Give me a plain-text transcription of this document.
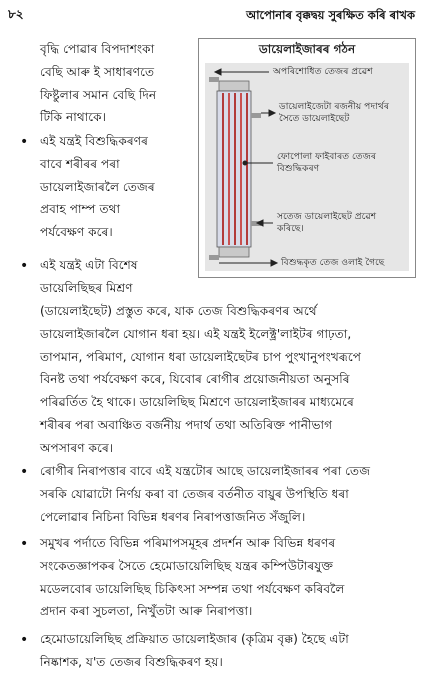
৮২	আপোনাৰ বৃক্কদ্বয় সুৰক্ষিত কৰি ৰাখক
বৃদ্ধি পোৱাৰ বিপদাশংকা
বেছি আৰু ই সাধাৰণতে
ফিষ্টুলাৰ সমান বেছি দিন
টিকি নাথাকে।
• এই যন্ত্ৰই বিশুদ্ধিকৰণৰ
বাবে শৰীৰৰ পৰা
ডায়েলাইজাৰলৈ তেজৰ
প্ৰবাহ পাম্প তথা
পৰ্যবেক্ষণ কৰে।
• এই যন্ত্ৰই এটা বিশেষ
ডায়েলিছিছৰ মিশ্ৰণ
(ডায়েলাইছেট) প্ৰস্তুত কৰে, যাক তেজ বিশুদ্ধিকৰণৰ অৰ্থে
ডায়েলাইজাৰলৈ যোগান ধৰা হয়। এই যন্ত্ৰই ইলেক্ট্ৰ'লাইটৰ গাঢ়তা,
তাপমান, পৰিমাণ, যোগান ধৰা ডায়েলাইছেটৰ চাপ পুংখানুপংখৰূপে
বিনষ্ট তথা পৰ্যবেক্ষণ কৰে, যিবোৰ ৰোগীৰ প্ৰয়োজনীয়তা অনুসৰি
পৰিৱৰ্তিত হৈ থাকে। ডায়েলিছিছ মিশ্ৰণে ডায়েলাইজাৰৰ মাধ্যমেৰে
শৰীৰৰ পৰা অবাঞ্চিত বৰ্জনীয় পদাৰ্থ তথা অতিৰিক্ত পানীভাগ
অপসাৰণ কৰে।
• ৰোগীৰ নিৰাপত্তাৰ বাবে এই যন্ত্ৰটোৰ আছে ডায়েলাইজাৰৰ পৰা তেজ
সৰকি যোৱাটো নিৰ্ণয় কৰা বা তেজৰ বৰ্তনীত বায়ুৰ উপস্থিতি ধৰা
পেলোৱাৰ নিচিনা বিভিন্ন ধৰণৰ নিৰাপত্তাজনিত সঁজুলি।
• সমুখৰ পৰ্দাতে বিভিন্ন পৰিমাপসমূহৰ প্ৰদৰ্শন আৰু বিভিন্ন ধৰণৰ
সংকেতজ্ঞাপকৰ সৈতে হেমোডায়েলিছিছ যন্ত্ৰৰ কম্পিউটাৰযুক্ত
মডেলবোৰ ডায়েলিছিছ চিকিৎসা সম্পন্ন তথা পৰ্যবেক্ষণ কৰিবলৈ
প্ৰদান কৰা সুচলতা, নিখুঁতটা আৰু নিৰাপত্তা।
• হেমোডায়েলিছিছ প্ৰক্ৰিয়াত ডায়েলাইজাৰ (কৃত্ৰিম বৃক্ক) হৈছে এটা
নিষ্কাশক, য'ত তেজৰ বিশুদ্ধিকৰণ হয়।
ডায়েলাইজাৰৰ গঠন
অপৰিশোধিত তেজৰ প্ৰৱেশ
ডায়েলাইজেটা ৰজনীয় পদাৰ্থৰ
সৈতে ডায়েলাইছেট
ফোপোলা ফাইবাৰত তেজৰ
বিশুদ্ধিকৰণ
সতেজ ডায়েলাইছেট প্ৰৱেশ
কৰিছে।
বিশুদ্ধকৃত তেজ ওলাই গৈছে
